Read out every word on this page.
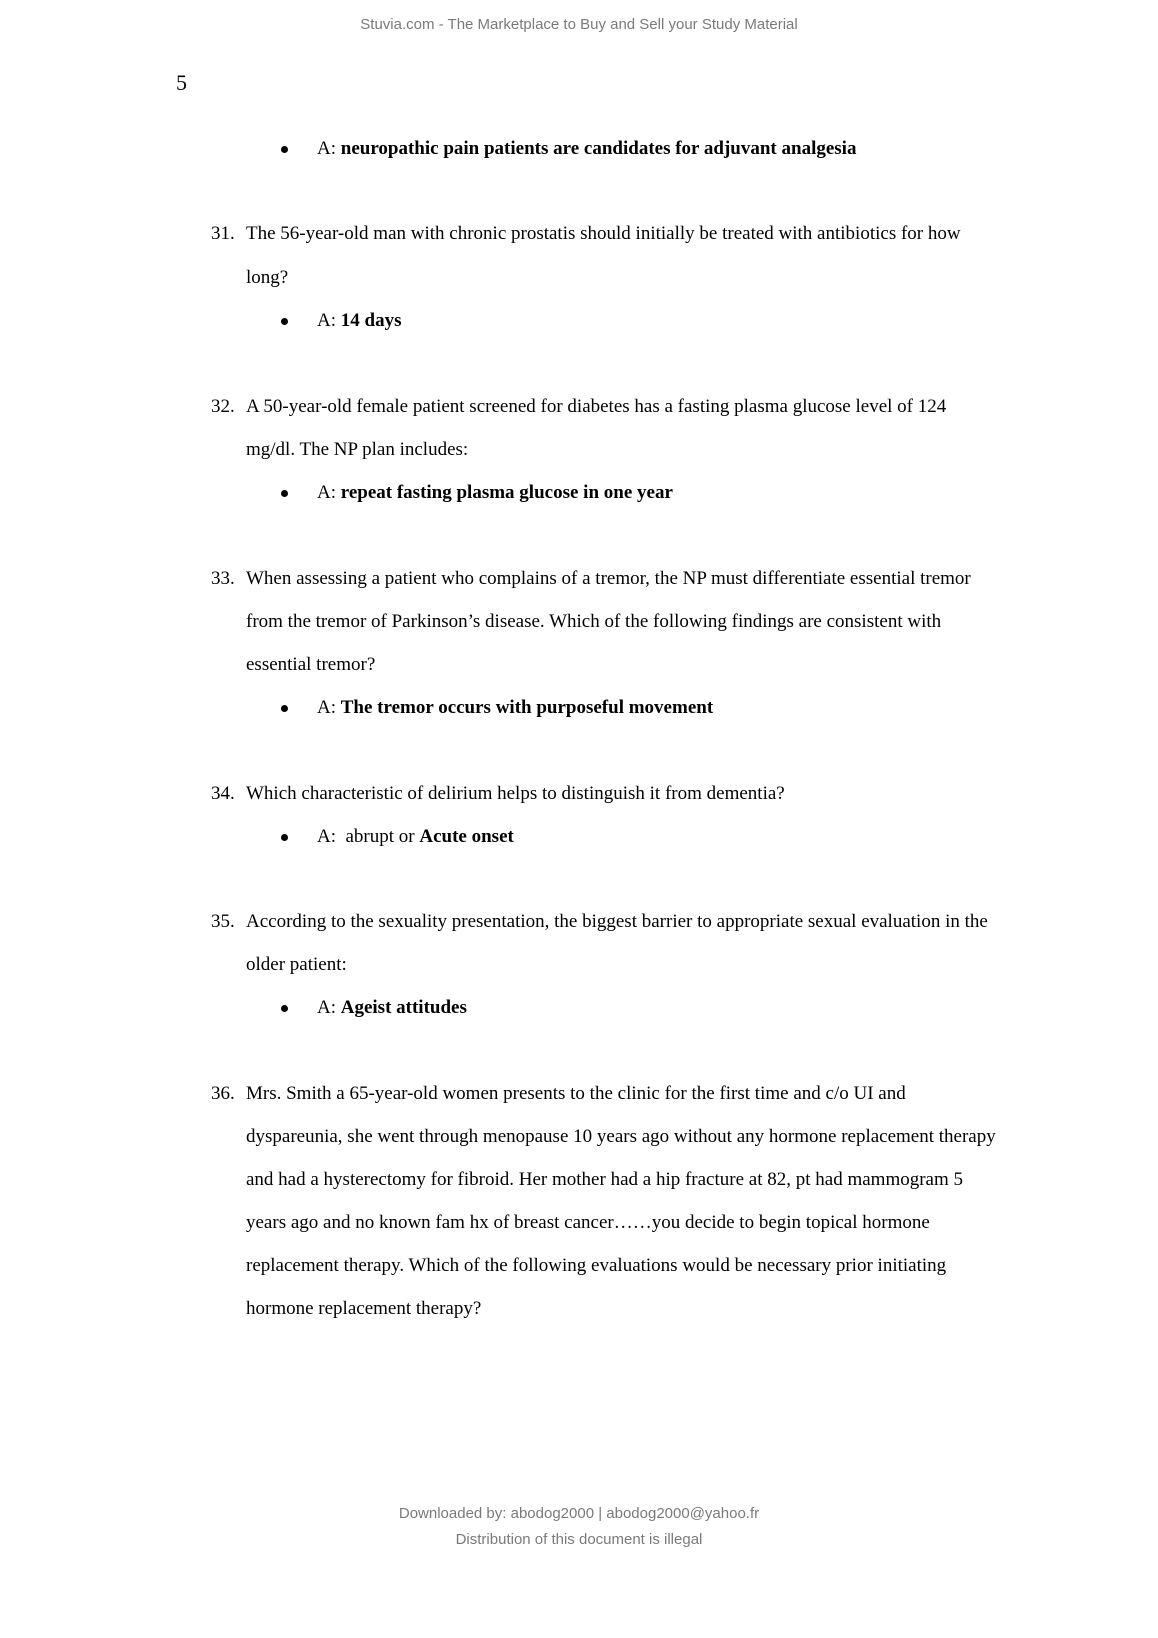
Stuvia.com - The Marketplace to Buy and Sell your Study Material
5
A: neuropathic pain patients are candidates for adjuvant analgesia
31. The 56-year-old man with chronic prostatis should initially be treated with antibiotics for how
long?
A: 14 days
32. A 50-year-old female patient screened for diabetes has a fasting plasma glucose level of 124
mg/dl. The NP plan includes:
A: repeat fasting plasma glucose in one year
33. When assessing a patient who complains of a tremor, the NP must differentiate essential tremor
from the tremor of Parkinson’s disease. Which of the following findings are consistent with
essential tremor?
A: The tremor occurs with purposeful movement
34. Which characteristic of delirium helps to distinguish it from dementia?
A:  abrupt or Acute onset
35. According to the sexuality presentation, the biggest barrier to appropriate sexual evaluation in the
older patient:
A: Ageist attitudes
36. Mrs. Smith a 65-year-old women presents to the clinic for the first time and c/o UI and
dyspareunia, she went through menopause 10 years ago without any hormone replacement therapy
and had a hysterectomy for fibroid. Her mother had a hip fracture at 82, pt had mammogram 5
years ago and no known fam hx of breast cancer……you decide to begin topical hormone
replacement therapy. Which of the following evaluations would be necessary prior initiating
hormone replacement therapy?
Downloaded by: abodog2000 | abodog2000@yahoo.fr
Distribution of this document is illegal
